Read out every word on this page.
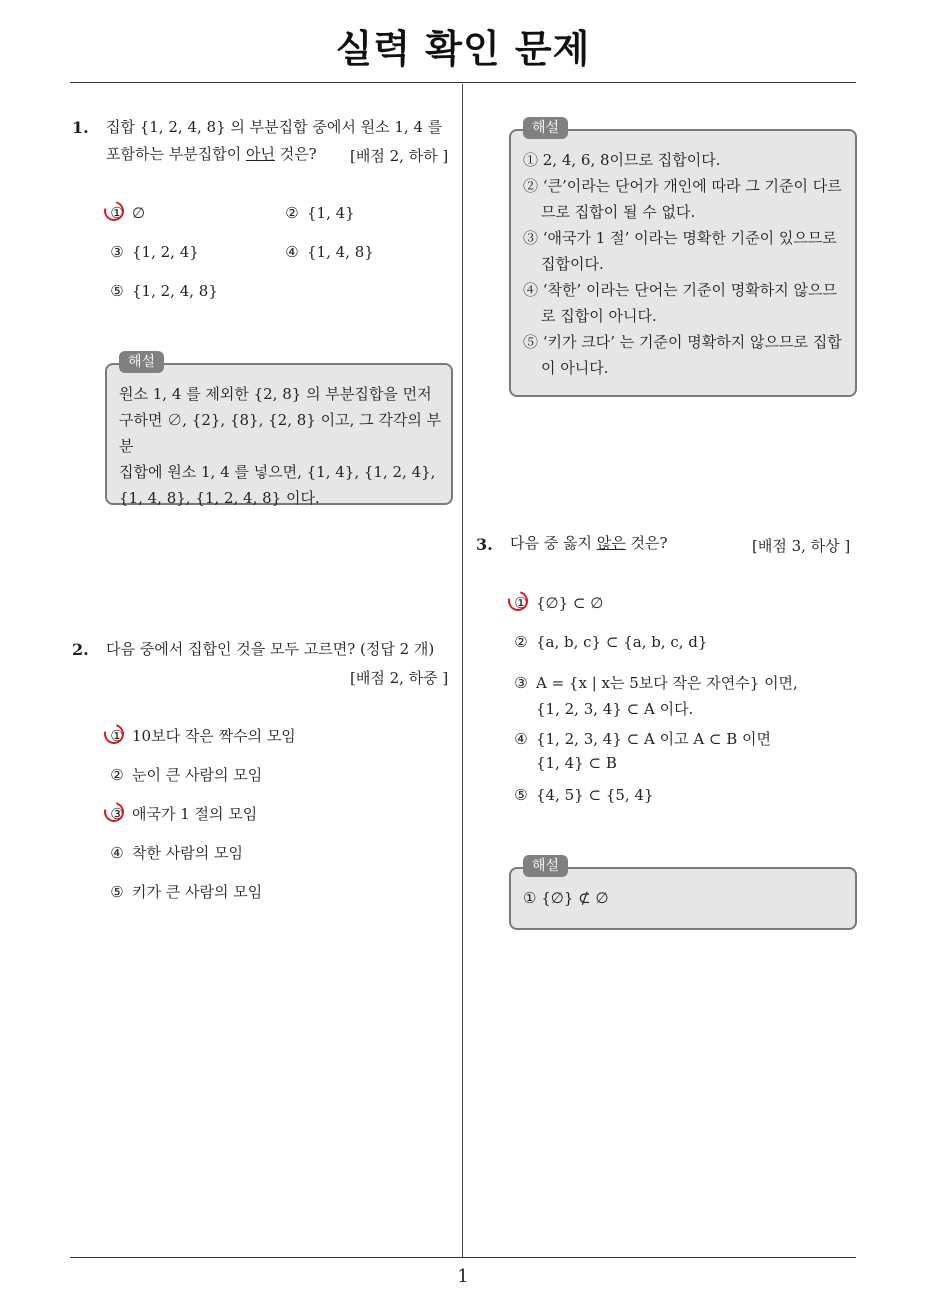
실력 확인 문제
1. 집합 {1, 2, 4, 8} 의 부분집합 중에서 원소 1, 4 를
포함하는 부분집합이 아닌 것은?	[배점 2, 하하 ]
① ∅	② {1, 4}
③ {1, 2, 4}	④ {1, 4, 8}
⑤ {1, 2, 4, 8}
원소 1, 4 를 제외한 {2, 8} 의 부분집합을 먼저
구하면 ∅, {2}, {8}, {2, 8} 이고, 그 각각의 부분
집합에 원소 1, 4 를 넣으면, {1, 4}, {1, 2, 4},
{1, 4, 8}, {1, 2, 4, 8} 이다.
해설
2. 다음 중에서 집합인 것을 모두 고르면? (정답 2 개)
[배점 2, 하중 ]
① 10보다 작은 짝수의 모임
② 눈이 큰 사람의 모임
③ 애국가 1 절의 모임
④ 착한 사람의 모임
⑤ 키가 큰 사람의 모임
① 2, 4, 6, 8이므로 집합이다.
② ‘큰’이라는 단어가 개인에 따라 그 기준이 다르므로 집합이 될 수 없다.
③ ‘애국가 1 절’ 이라는 명확한 기준이 있으므로 집합이다.
④ ‘착한’ 이라는 단어는 기준이 명확하지 않으므로 집합이 아니다.
⑤ ‘키가 크다’ 는 기준이 명확하지 않으므로 집합이 아니다.
해설
3. 다음 중 옳지 않은 것은?	[배점 3, 하상 ]
① {∅} ⊂ ∅
② {a, b, c} ⊂ {a, b, c, d}
③ A = {x | x는 5보다 작은 자연수} 이면,
{1, 2, 3, 4} ⊂ A 이다.
④ {1, 2, 3, 4} ⊂ A 이고 A ⊂ B 이면
{1, 4} ⊂ B
⑤ {4, 5} ⊂ {5, 4}
① {∅} ⊄ ∅
해설
1
